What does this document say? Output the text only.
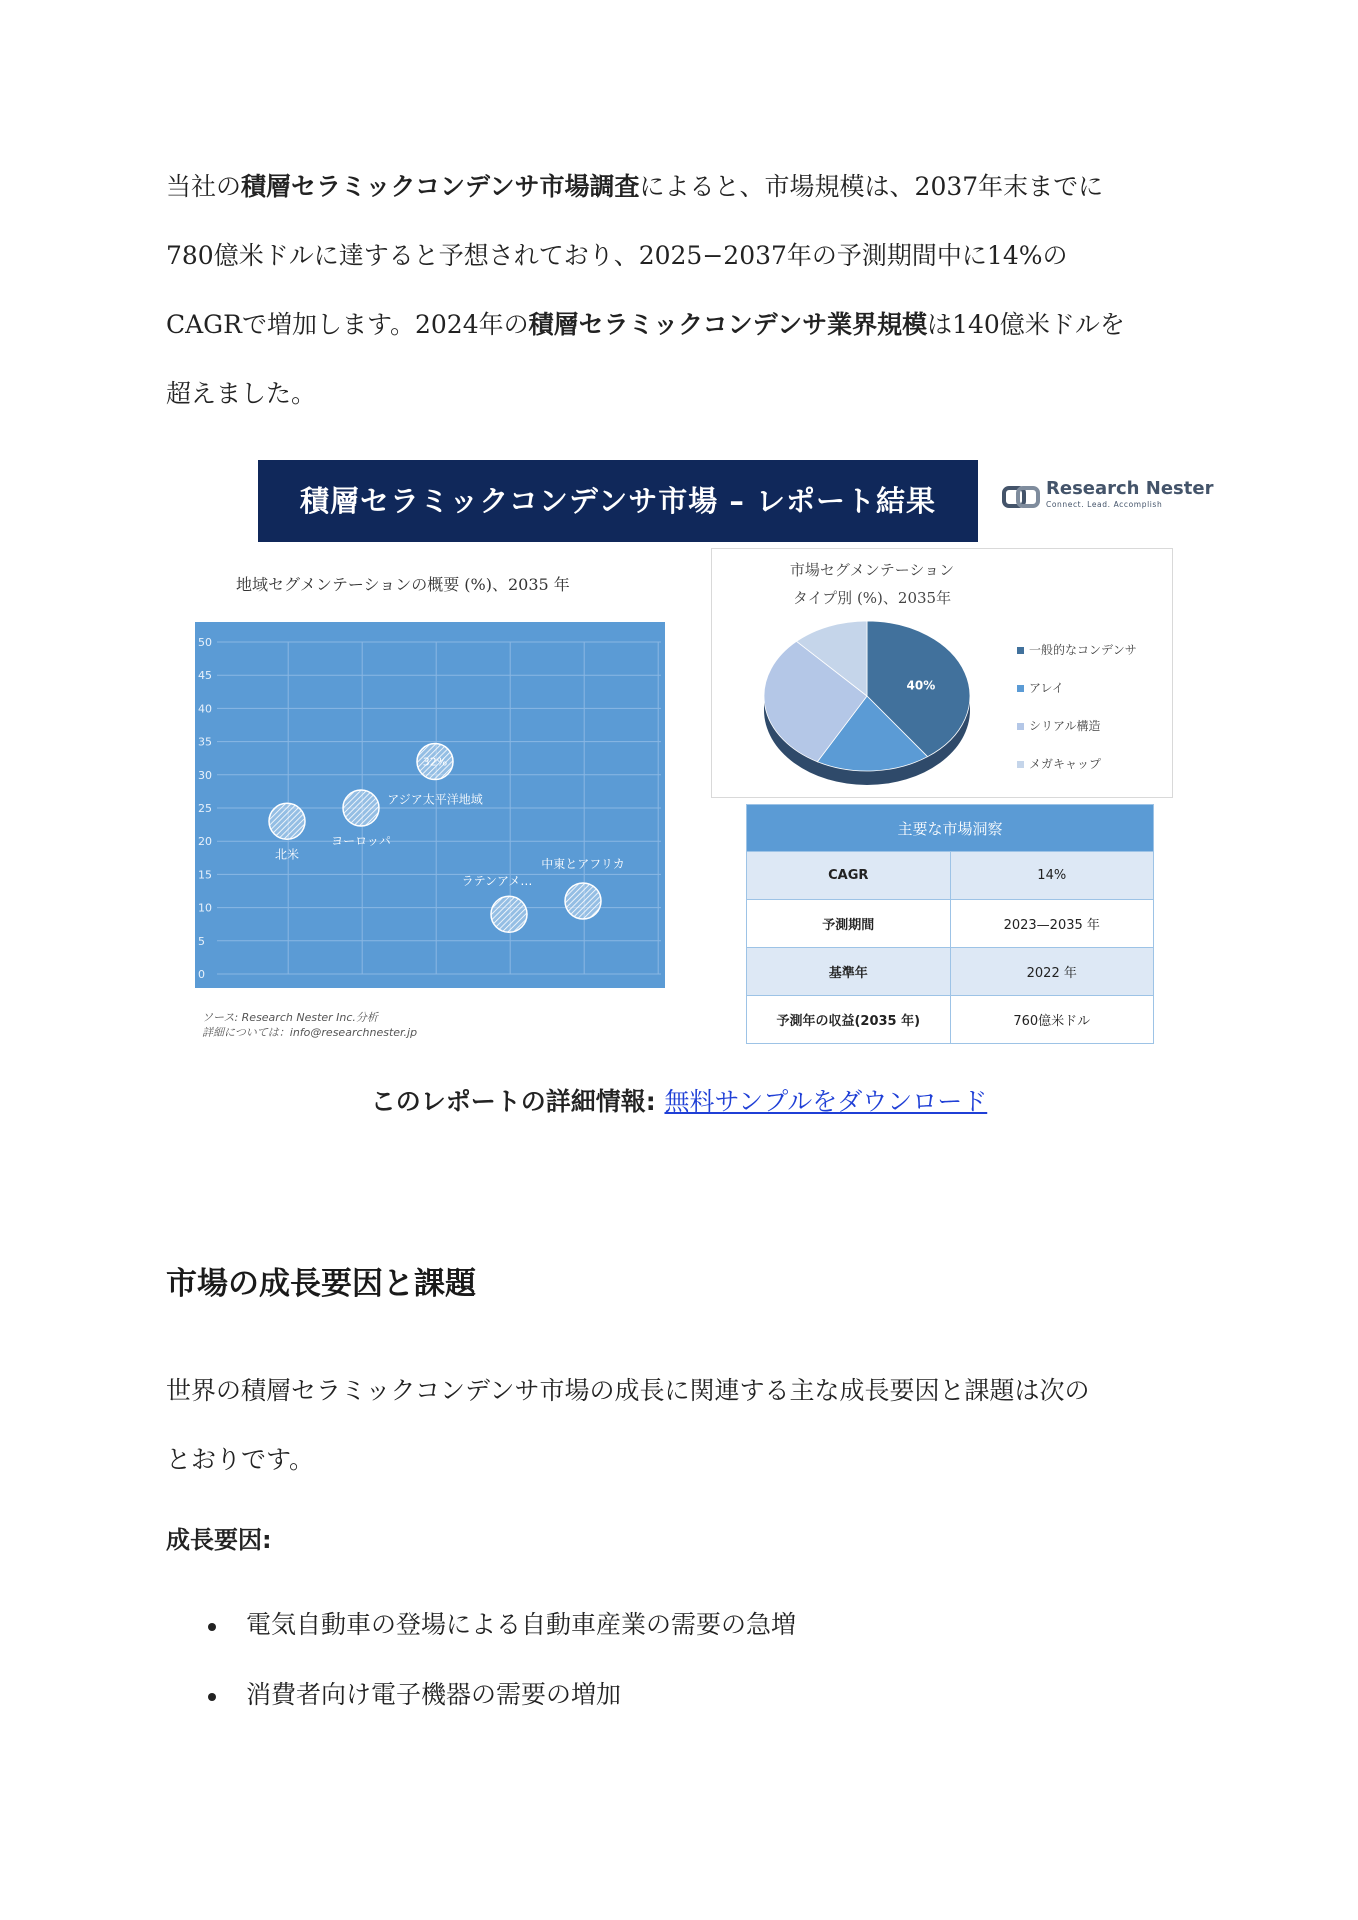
当社の積層セラミックコンデンサ市場調査によると、市場規模は、2037年末までに

780億米ドルに達すると予想されており、2025−2037年の予測期間中に14%の

CAGRで増加します。2024年の積層セラミックコンデンサ業界規模は140億米ドルを

超えました。

積層セラミックコンデンサ市場 – レポート結果	Research Nester
Connect. Lead. Accomplish
地域セグメンテーションの概要 (%)、2035 年
0
5
10
15
20
25
30
35
40
45
50
北米
ヨーロッパ
32%
アジア太平洋地域
ラテンアメ…
中東とアフリカ
ソース: Research Nester Inc.分析
詳細については：info@researchnester.jp
市場セグメンテーション
タイプ別 (%)、2035年
40%
一般的なコンデンサ
アレイ
シリアル構造
メガキャップ
主要な市場洞察	
CAGR	14%
予測期間	2023—2035 年
基準年	2022 年
予測年の収益(2035 年)	760億米ドル
このレポートの詳細情報: 無料サンプルをダウンロード
市場の成長要因と課題

世界の積層セラミックコンデンサ市場の成長に関連する主な成長要因と課題は次の

とおりです。

成長要因:
電気自動車の登場による自動車産業の需要の急増
消費者向け電子機器の需要の増加
